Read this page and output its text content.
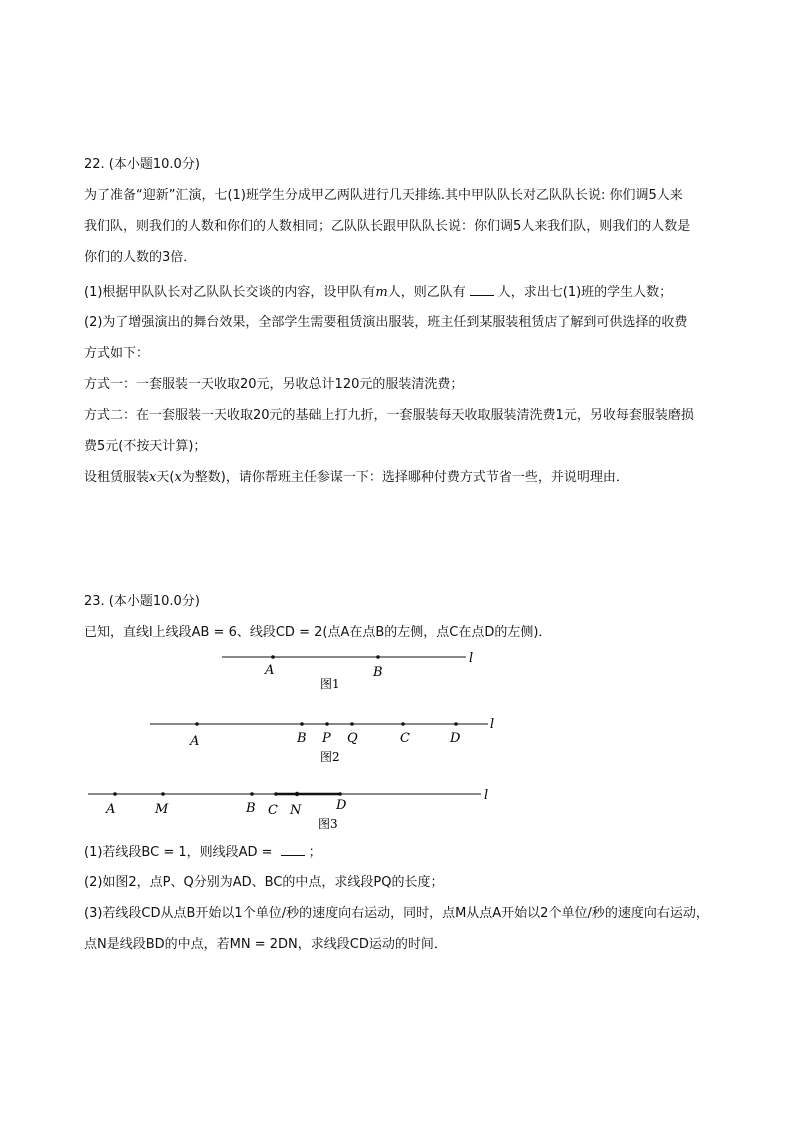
22. (本小题10.0分)
为了准备“迎新”汇演，七(1)班学生分成甲乙两队进行几天排练.其中甲队队长对乙队队长说: 你们调5人来
我们队，则我们的人数和你们的人数相同；乙队队长跟甲队队长说：你们调5人来我们队，则我们的人数是
你们的人数的3倍．
(1)根据甲队队长对乙队队长交谈的内容，设甲队有m人，则乙队有 人，求出七(1)班的学生人数；
(2)为了增强演出的舞台效果，全部学生需要租赁演出服装，班主任到某服装租赁店了解到可供选择的收费
方式如下：
方式一：一套服装一天收取20元，另收总计120元的服装清洗费；
方式二：在一套服装一天收取20元的基础上打九折，一套服装每天收取服装清洗费1元，另收每套服装磨损
费5元(不按天计算)；
设租赁服装x天(x为整数)，请你帮班主任参谋一下：选择哪种付费方式节省一些，并说明理由．
23. (本小题10.0分)
已知，直线l上线段AB = 6、线段CD = 2(点A在点B的左侧，点C在点D的左侧)．
A	B
l
图1
A	B P Q	C	D
l
图2
A	M	B C N	D
l
图3
(1)若线段BC = 1，则线段AD = ；
(2)如图2，点P、Q分别为AD、BC的中点，求线段PQ的长度；
(3)若线段CD从点B开始以1个单位/秒的速度向右运动，同时，点M从点A开始以2个单位/秒的速度向右运动，
点N是线段BD的中点，若MN = 2DN，求线段CD运动的时间．
